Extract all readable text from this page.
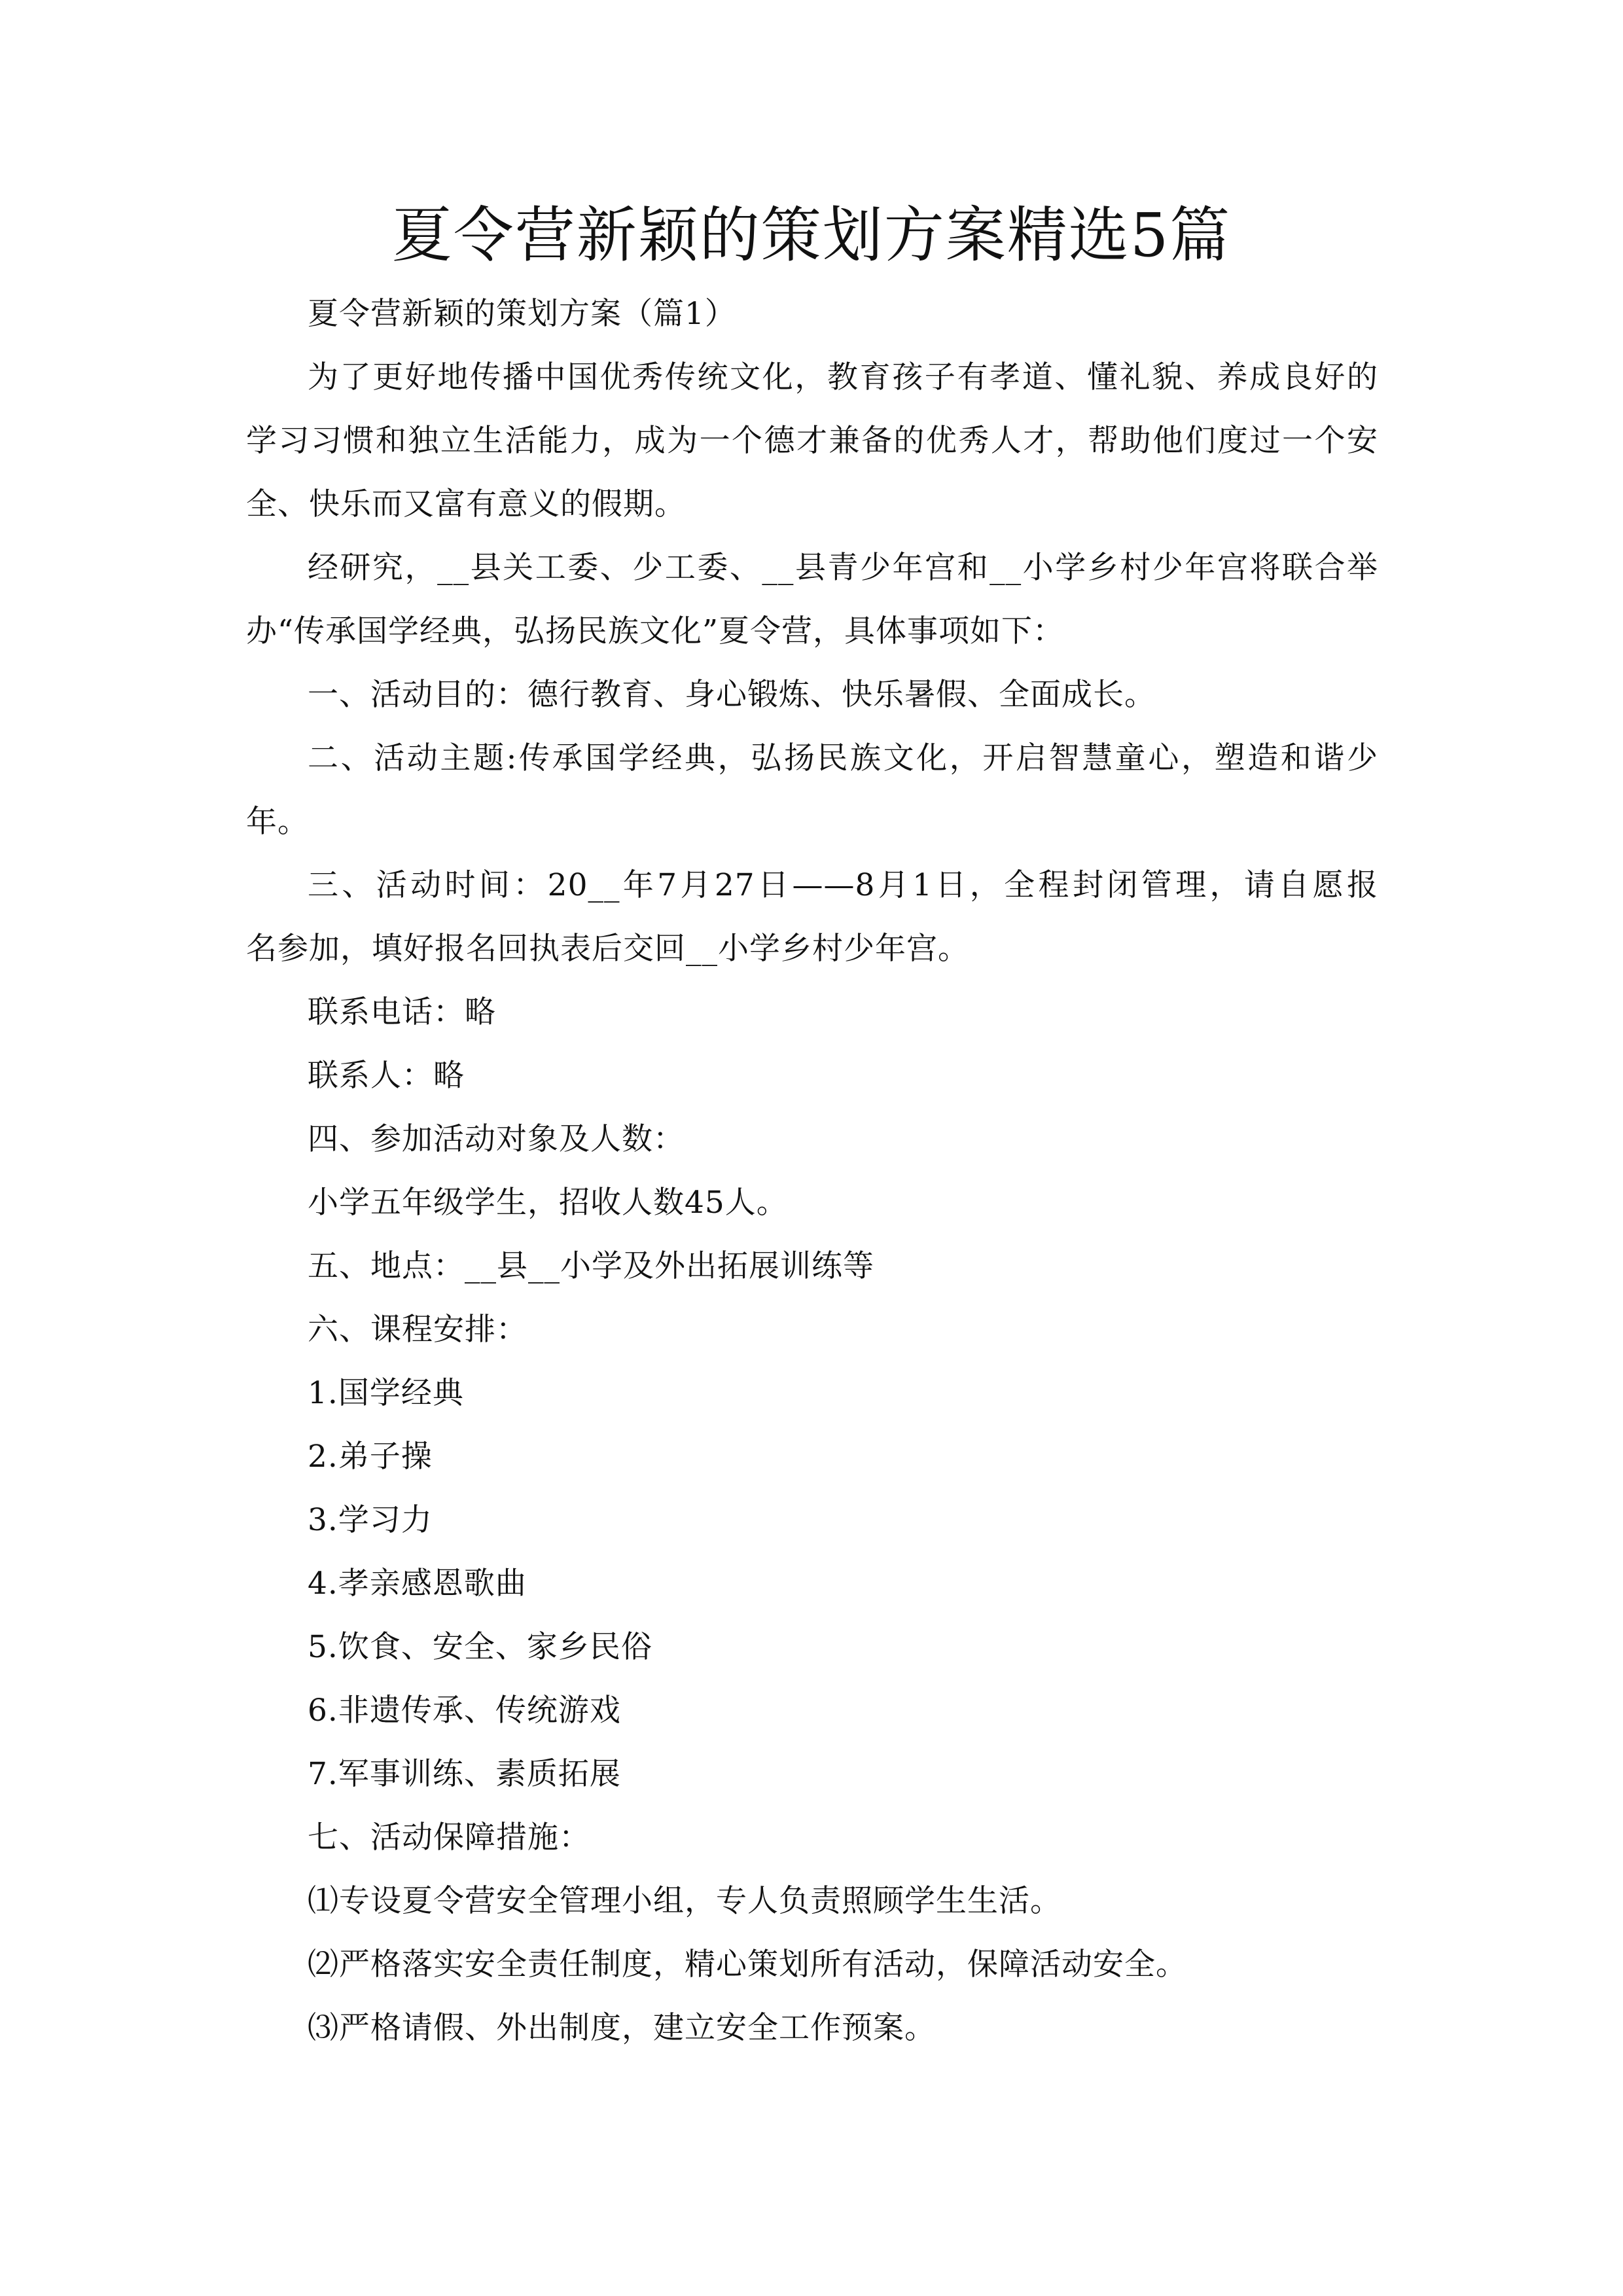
夏令营新颖的策划方案精选5篇

夏令营新颖的策划方案（篇1）

为了更好地传播中国优秀传统文化，教育孩子有孝道、懂礼貌、养成良好的

学习习惯和独立生活能力，成为一个德才兼备的优秀人才，帮助他们度过一个安

全、快乐而又富有意义的假期。

经研究，__县关工委、少工委、__县青少年宫和__小学乡村少年宫将联合举

办“传承国学经典，弘扬民族文化”夏令营，具体事项如下：

一、活动目的：德行教育、身心锻炼、快乐暑假、全面成长。

二、活动主题:传承国学经典，弘扬民族文化，开启智慧童心，塑造和谐少

年。

三、活动时间：20__年7月27日——8月1日，全程封闭管理，请自愿报

名参加，填好报名回执表后交回__小学乡村少年宫。

联系电话：略

联系人：略

四、参加活动对象及人数：

小学五年级学生，招收人数45人。

五、地点：__县__小学及外出拓展训练等

六、课程安排：

1.国学经典

2.弟子操

3.学习力

4.孝亲感恩歌曲

5.饮食、安全、家乡民俗

6.非遗传承、传统游戏

7.军事训练、素质拓展

七、活动保障措施：

⑴专设夏令营安全管理小组，专人负责照顾学生生活。

⑵严格落实安全责任制度，精心策划所有活动，保障活动安全。

⑶严格请假、外出制度，建立安全工作预案。
